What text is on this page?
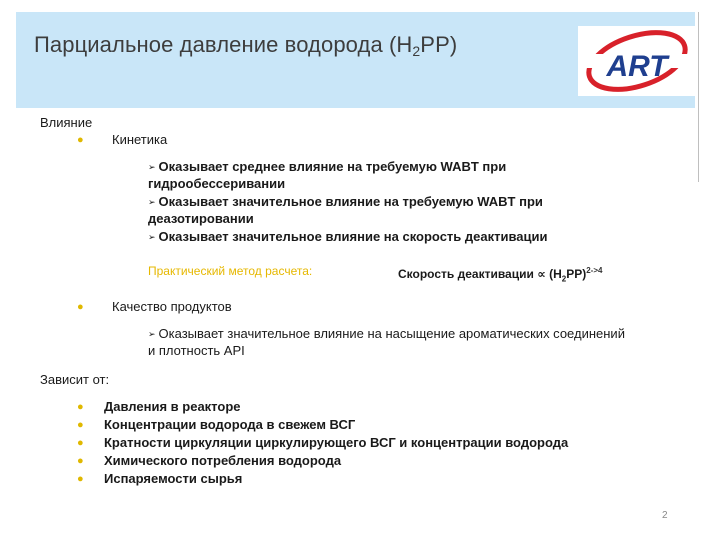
Парциальное давление водорода $(H_2PP)$
ART
Влияние
● Кинетика
➢ Оказывает среднее влияние на требуемую WABT при
гидрообессеривании
➢ Оказывает значительное влияние на требуемую WABT при
деазотировании
➢ Оказывает значительное влияние на скорость деактивации
Практический метод расчета:	Скорость деактивации ∝ $(H_2PP)^{2->4}$
● Качество продуктов
➢ Оказывает значительное влияние на насыщение ароматических соединений
и плотность API
Зависит от:
● Давления в реакторе
● Концентрации водорода в свежем ВСГ
● Кратности циркуляции циркулирующего ВСГ и концентрации водорода
● Химического потребления водорода
● Испаряемости сырья
2
